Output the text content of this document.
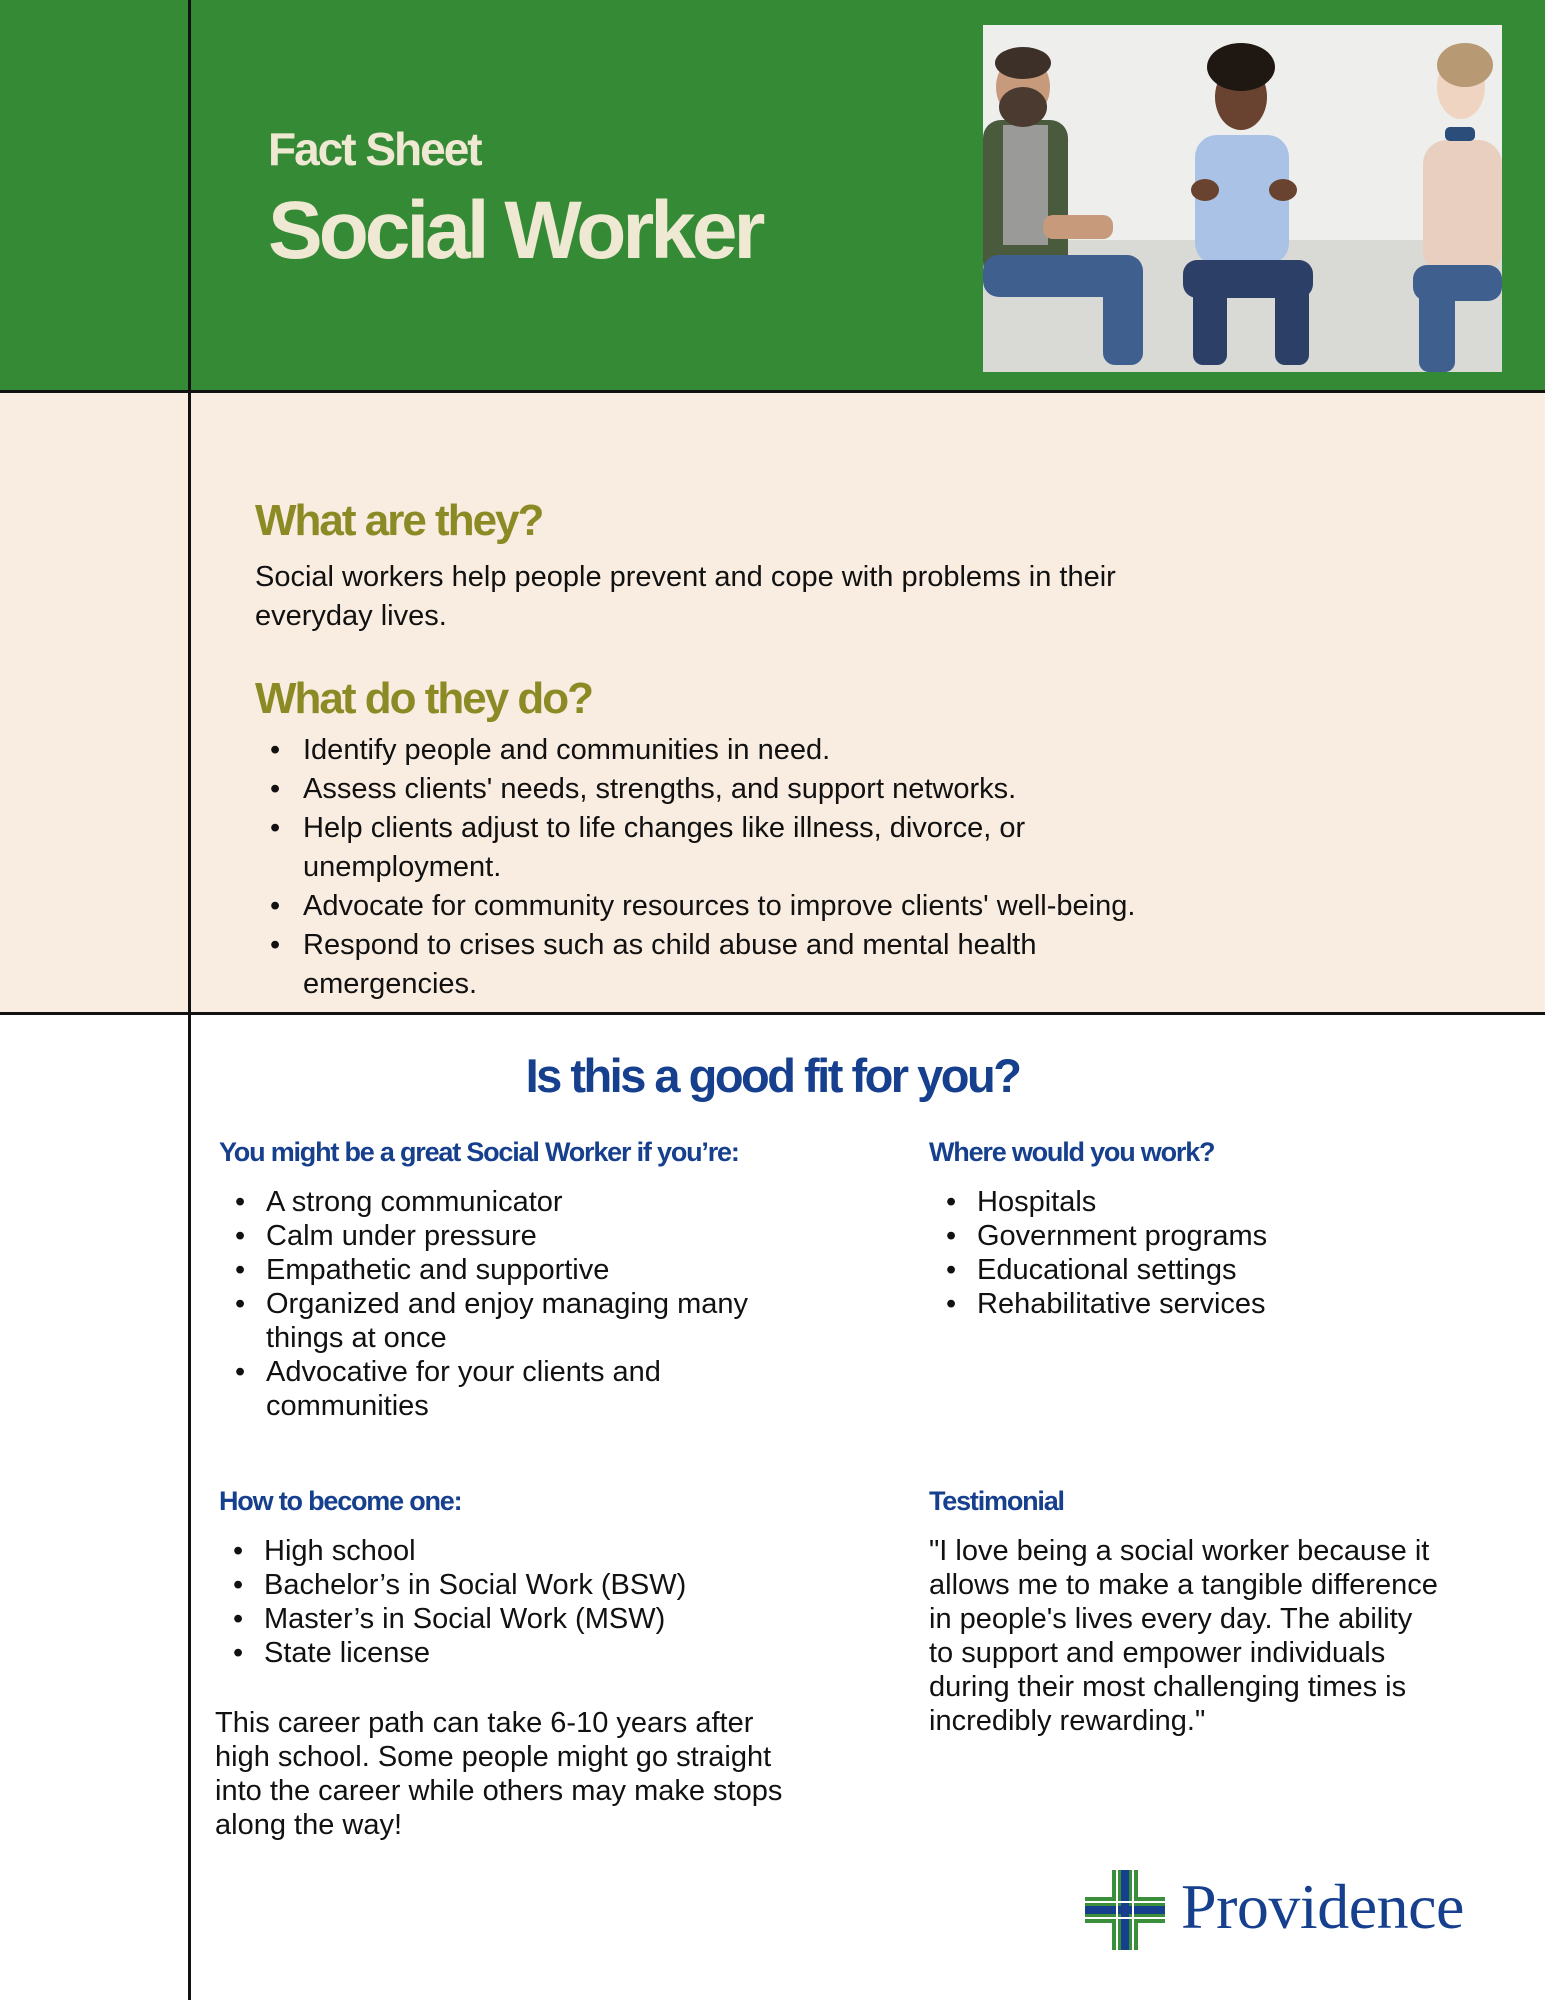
Fact Sheet
Social Worker
What are they?
Social workers help people prevent and cope with problems in their
everyday lives.
What do they do?
• Identify people and communities in need.
• Assess clients' needs, strengths, and support networks.
• Help clients adjust to life changes like illness, divorce, or
unemployment.
• Advocate for community resources to improve clients' well-being.
• Respond to crises such as child abuse and mental health
emergencies.
Is this a good fit for you?
You might be a great Social Worker if you’re:
• A strong communicator
• Calm under pressure
• Empathetic and supportive
• Organized and enjoy managing many
things at once
• Advocative for your clients and
communities
Where would you work?
• Hospitals
• Government programs
• Educational settings
• Rehabilitative services
How to become one:
• High school
• Bachelor’s in Social Work (BSW)
• Master’s in Social Work (MSW)
• State license
This career path can take 6-10 years after
high school. Some people might go straight
into the career while others may make stops
along the way!
Testimonial
"I love being a social worker because it
allows me to make a tangible difference
in people's lives every day. The ability
to support and empower individuals
during their most challenging times is
incredibly rewarding."
Providence
